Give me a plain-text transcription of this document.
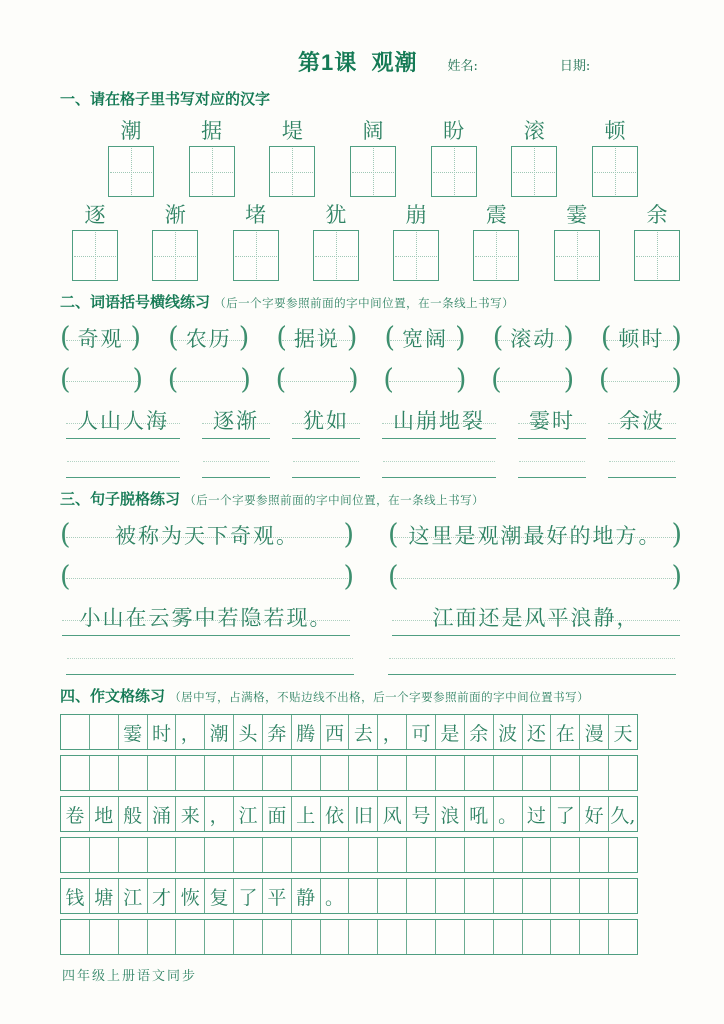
第1课  观潮 姓名:	日期:
一、请在格子里书写对应的汉字
潮	据	堤	阔	盼	滚	顿
逐	渐	堵	犹	崩	震	霎	余
二、词语括号横线练习 （后一个字要参照前面的字中间位置，在一条线上书写）
( 奇观 ) ( 农历 ) ( 据说 ) ( 宽阔 ) ( 滚动 ) ( 顿时 )
( ) ( ) ( ) ( ) ( ) ( )
人山人海	逐渐	犹如	山崩地裂	霎时	余波
三、句子脱格练习 （后一个字要参照前面的字中间位置，在一条线上书写）
( 被称为天下奇观。 ) ( 这里是观潮最好的地方。 )
(	) (	)
小山在云雾中若隐若现。	江面还是风平浪静，
四、作文格练习 （居中写，占满格，不贴边线不出格，后一个字要参照前面的字中间位置书写）
霎 时 ， 潮 头 奔 腾 西 去 ， 可 是 余 波 还 在 漫 天
卷 地 般 涌 来 ， 江 面 上 依 旧 风 号 浪 吼 。 过 了 好 久,
钱 塘 江 才 恢 复 了 平 静 。
四年级上册语文同步
